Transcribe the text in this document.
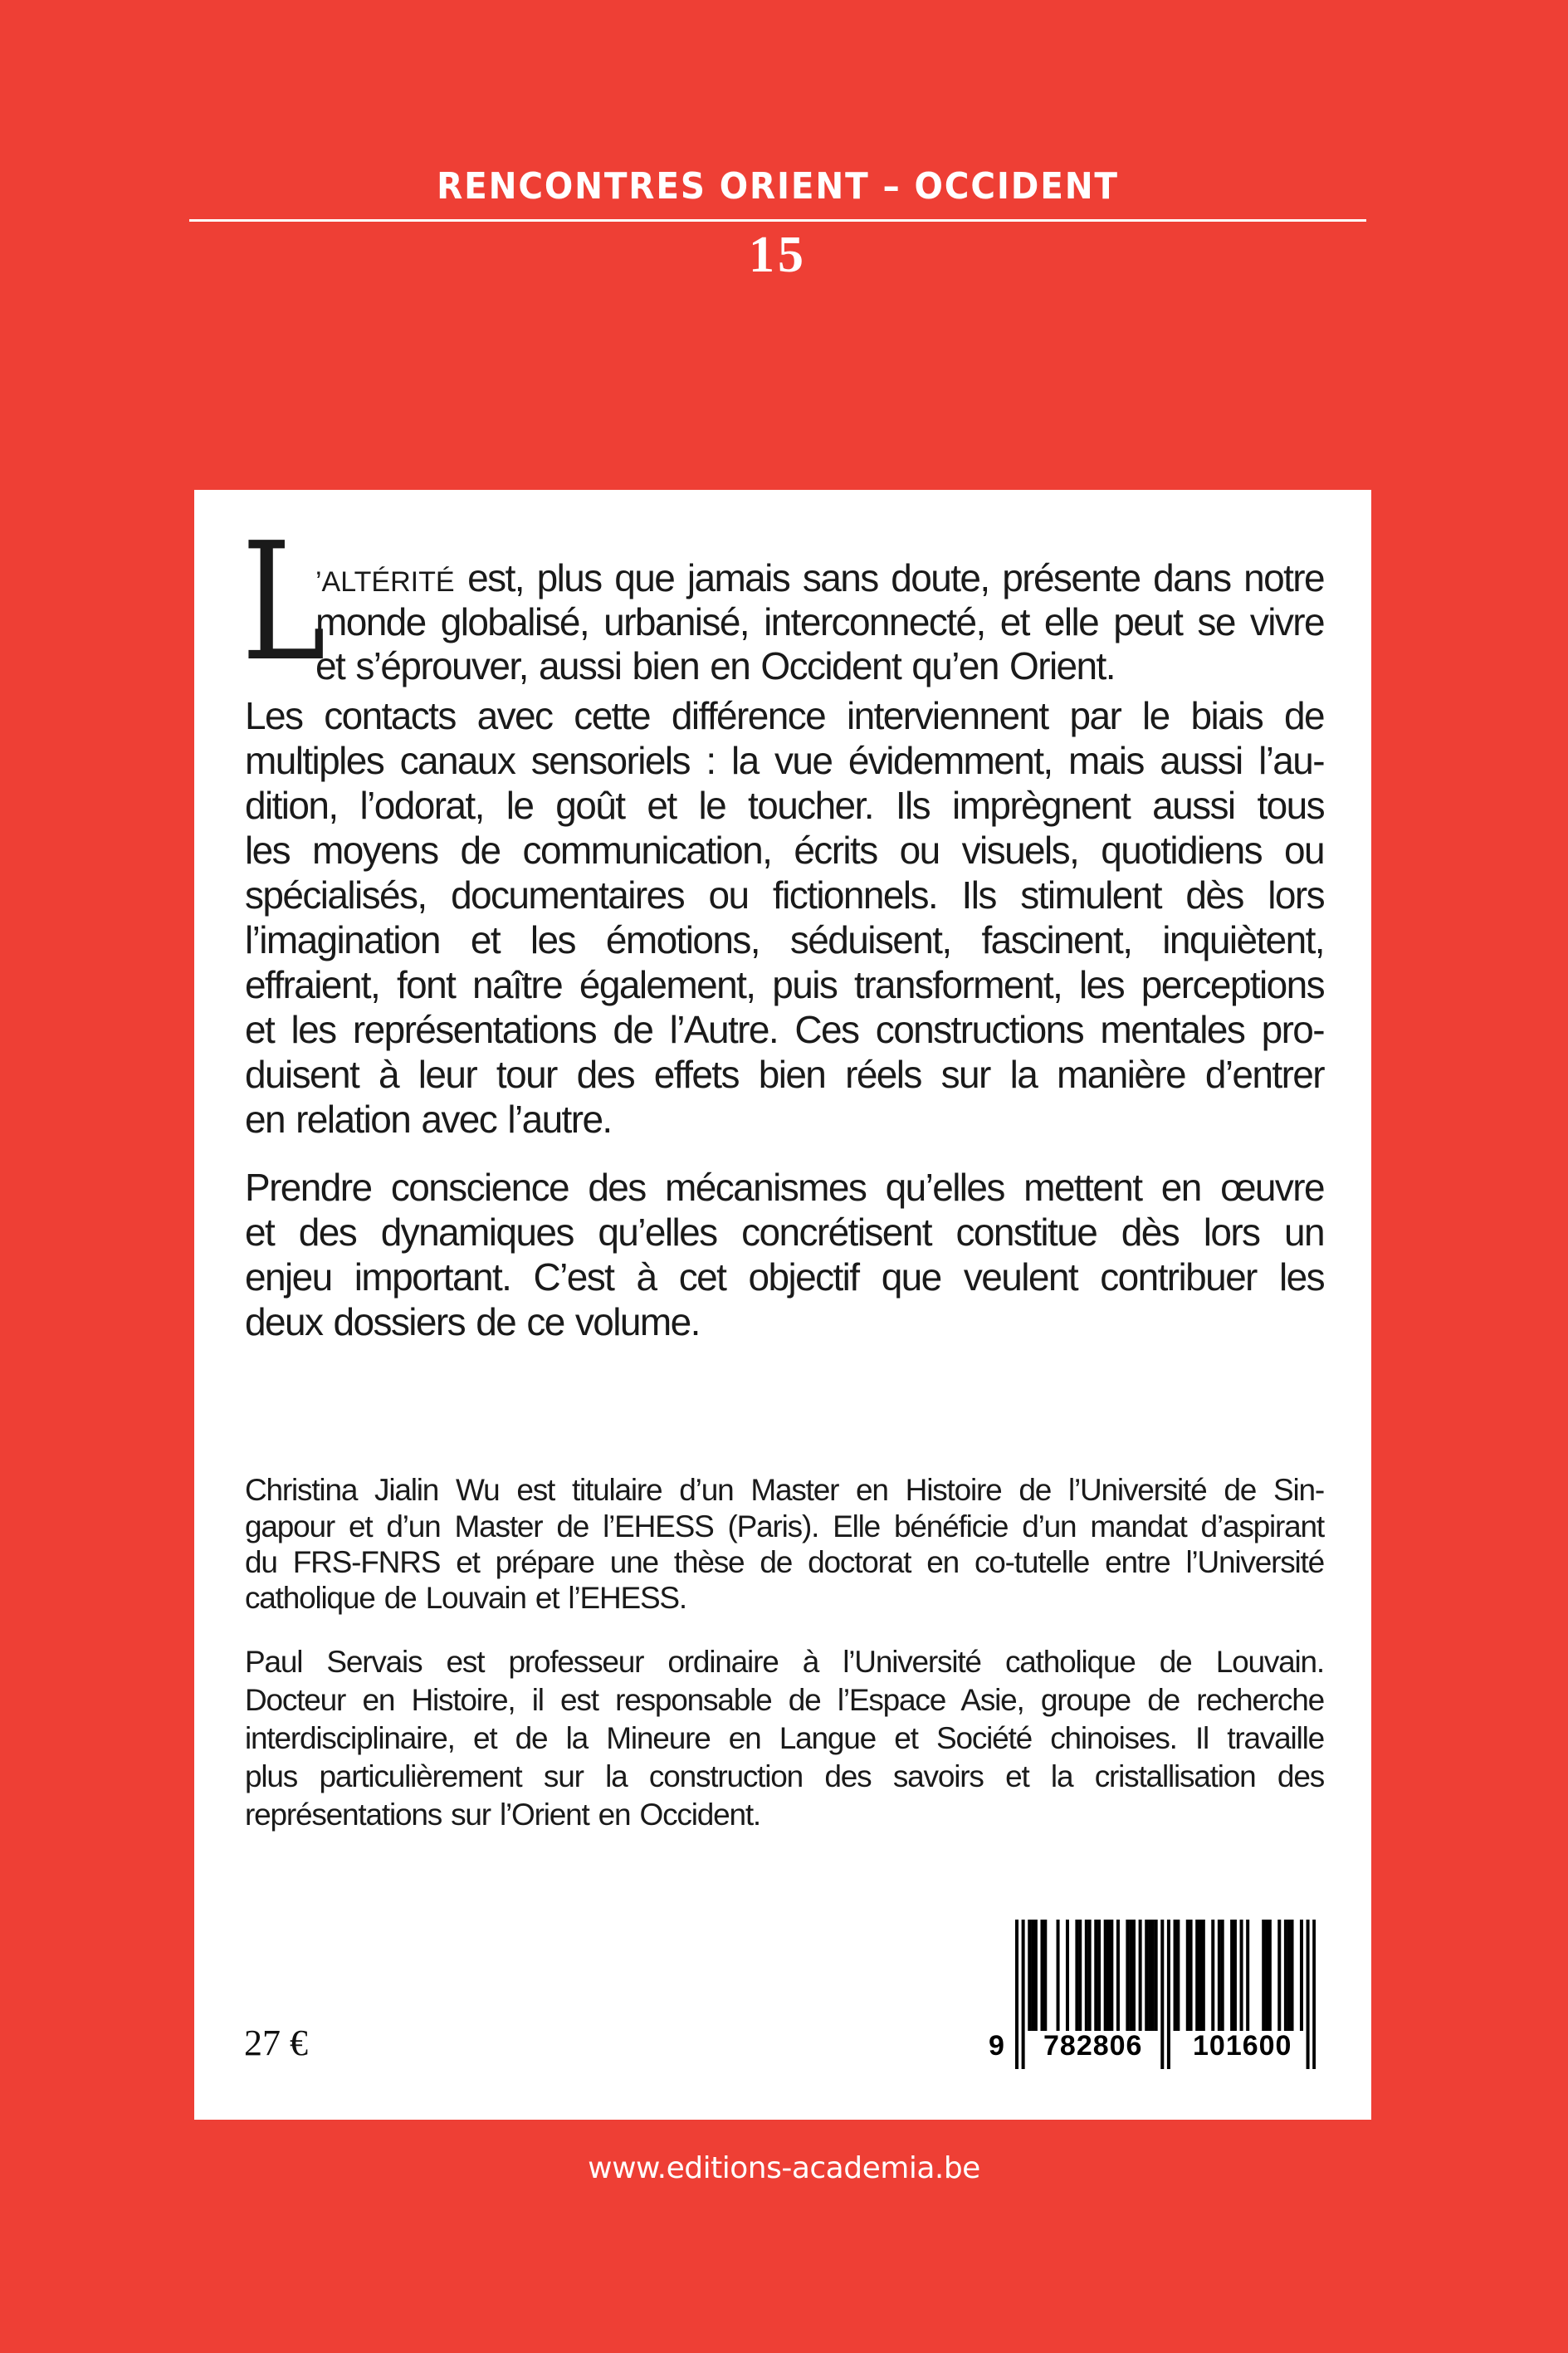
RENCONTRES ORIENT – OCCIDENT
15
L
’ALTÉRITÉ est, plus que jamais sans doute, présente dans notre
monde globalisé, urbanisé, interconnecté, et elle peut se vivre
et s’éprouver, aussi bien en Occident qu’en Orient.
Les contacts avec cette différence interviennent par le biais de
multiples canaux sensoriels : la vue évidemment, mais aussi l’au-
dition, l’odorat, le goût et le toucher. Ils imprègnent aussi tous
les moyens de communication, écrits ou visuels, quotidiens ou
spécialisés, documentaires ou fictionnels. Ils stimulent dès lors
l’imagination et les émotions, séduisent, fascinent, inquiètent,
effraient, font naître également, puis transforment, les perceptions
et les représentations de l’Autre. Ces constructions mentales pro-
duisent à leur tour des effets bien réels sur la manière d’entrer
en relation avec l’autre.
Prendre conscience des mécanismes qu’elles mettent en œuvre
et des dynamiques qu’elles concrétisent constitue dès lors un
enjeu important. C’est à cet objectif que veulent contribuer les
deux dossiers de ce volume.
Christina Jialin Wu est titulaire d’un Master en Histoire de l’Université de Sin-
gapour et d’un Master de l’EHESS (Paris). Elle bénéficie d’un mandat d’aspirant
du FRS-FNRS et prépare une thèse de doctorat en co-tutelle entre l’Université
catholique de Louvain et l’EHESS.
Paul Servais est professeur ordinaire à l’Université catholique de Louvain.
Docteur en Histoire, il est responsable de l’Espace Asie, groupe de recherche
interdisciplinaire, et de la Mineure en Langue et Société chinoises. Il travaille
plus particulièrement sur la construction des savoirs et la cristallisation des
représentations sur l’Orient en Occident.
27 €	9 782806 101600
www.editions-academia.be
